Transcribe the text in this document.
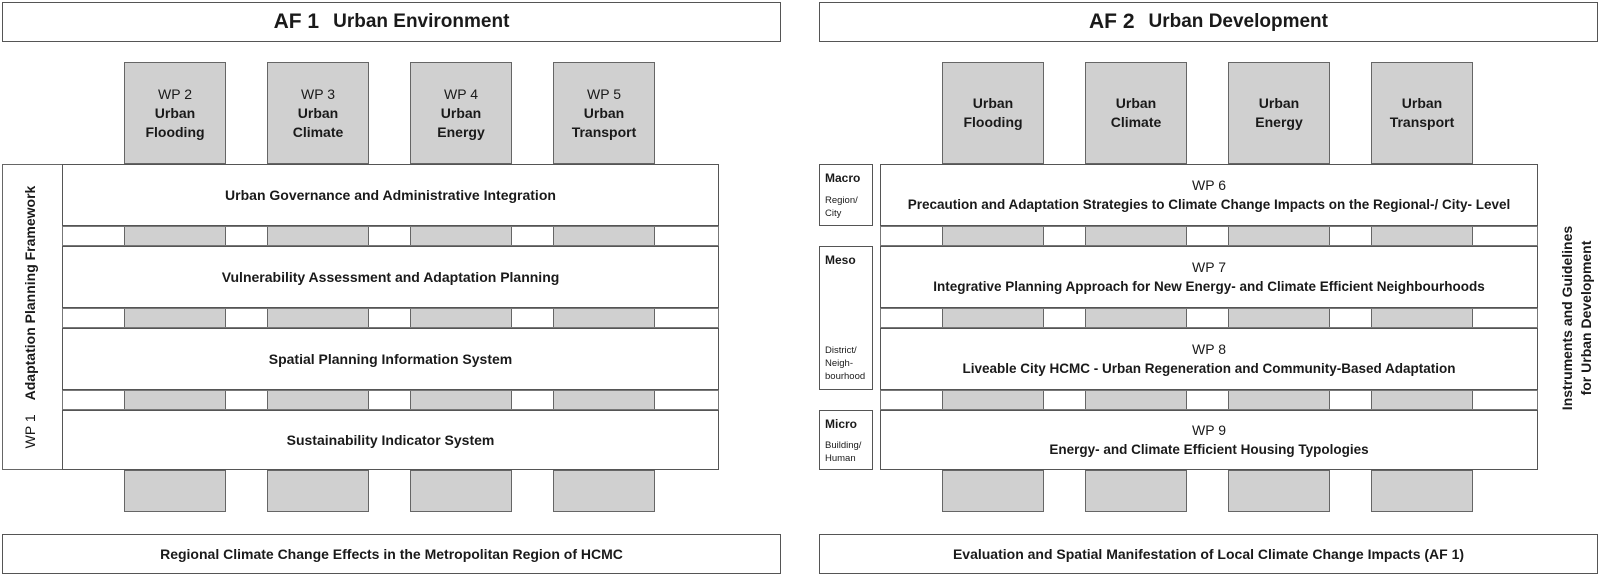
AF 1 Urban Environment
WP 2
Urban
Flooding
WP 3
Urban
Climate
WP 4
Urban
Energy
WP 5
Urban
Transport
Urban Governance and Administrative Integration
Vulnerability Assessment and Adaptation Planning
Spatial Planning Information System
Sustainability Indicator System
WP 1Adaptation Planning Framework
Regional Climate Change Effects in the Metropolitan Region of HCMC
AF 2 Urban Development
Urban
Flooding
Urban
Climate
Urban
Energy
Urban
Transport
Macro
Region/
City
Meso
District/
Neigh-
bourhood
Micro
Building/
Human
WP 6
Precaution and Adaptation Strategies to Climate Change Impacts on the Regional-/ City- Level
WP 7
Integrative Planning Approach for New Energy- and Climate Efficient Neighbourhoods
WP 8
Liveable City HCMC - Urban Regeneration and Community-Based Adaptation
WP 9
Energy- and Climate Efficient Housing Typologies
Instruments and Guidelines for Urban Development
Evaluation and Spatial Manifestation of Local Climate Change Impacts (AF 1)
